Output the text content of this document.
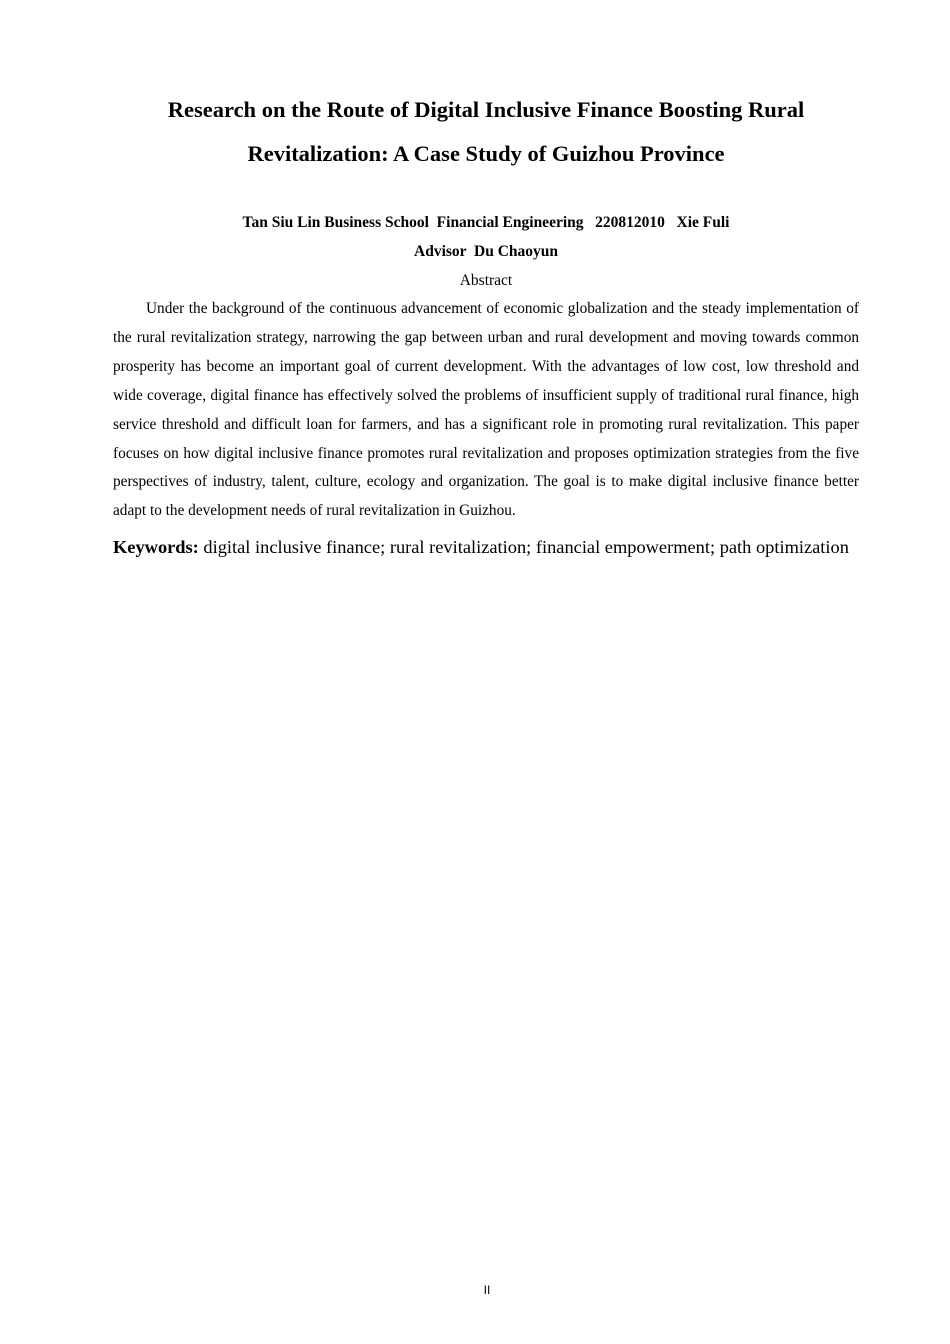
Research on the Route of Digital Inclusive Finance Boosting Rural
Revitalization: A Case Study of Guizhou Province

Tan Siu Lin Business School  Financial Engineering   220812010   Xie Fuli

Advisor  Du Chaoyun

Abstract

Under the background of the continuous advancement of economic globalization and the steady implementation of the rural revitalization strategy, narrowing the gap between urban and rural development and moving towards common prosperity has become an important goal of current development. With the advantages of low cost, low threshold and wide coverage, digital finance has effectively solved the problems of insufficient supply of traditional rural finance, high service threshold and difficult loan for farmers, and has a significant role in promoting rural revitalization. This paper focuses on how digital inclusive finance promotes rural revitalization and proposes optimization strategies from the five perspectives of industry, talent, culture, ecology and organization. The goal is to make digital inclusive finance better adapt to the development needs of rural revitalization in Guizhou.

Keywords: digital inclusive finance; rural revitalization; financial empowerment; path optimization

II
